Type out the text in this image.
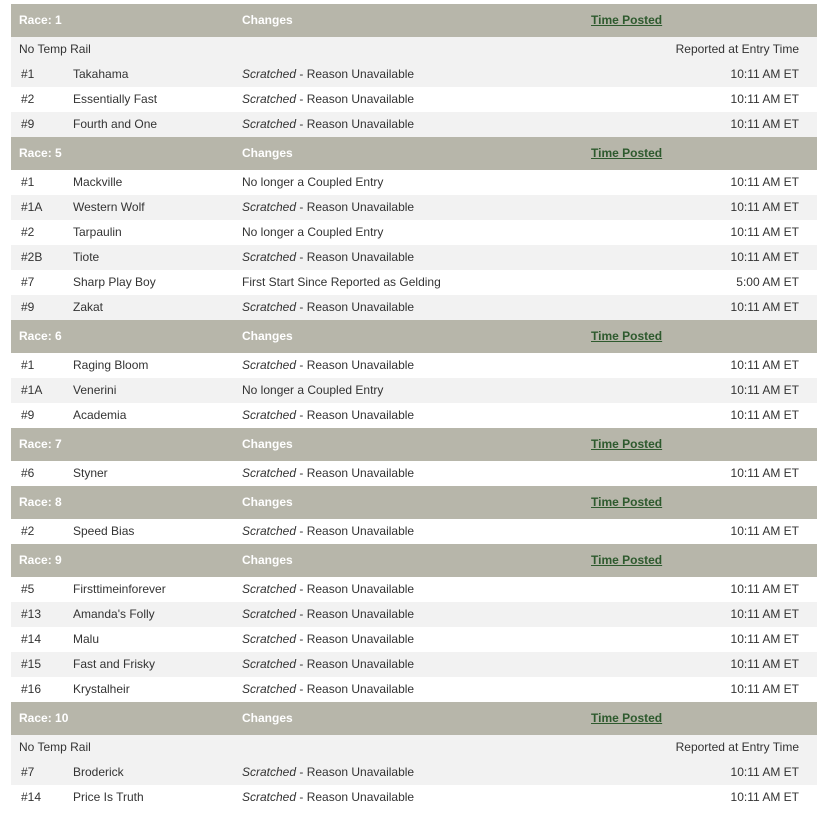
Race: 1	Changes	Time Posted
No Temp Rail	Reported at Entry Time
#1	Takahama	Scratched - Reason Unavailable	10:11 AM ET
#2	Essentially Fast	Scratched - Reason Unavailable	10:11 AM ET
#9	Fourth and One	Scratched - Reason Unavailable	10:11 AM ET
Race: 5	Changes	Time Posted
#1	Mackville	No longer a Coupled Entry	10:11 AM ET
#1A	Western Wolf	Scratched - Reason Unavailable	10:11 AM ET
#2	Tarpaulin	No longer a Coupled Entry	10:11 AM ET
#2B	Tiote	Scratched - Reason Unavailable	10:11 AM ET
#7	Sharp Play Boy	First Start Since Reported as Gelding	5:00 AM ET
#9	Zakat	Scratched - Reason Unavailable	10:11 AM ET
Race: 6	Changes	Time Posted
#1	Raging Bloom	Scratched - Reason Unavailable	10:11 AM ET
#1A	Venerini	No longer a Coupled Entry	10:11 AM ET
#9	Academia	Scratched - Reason Unavailable	10:11 AM ET
Race: 7	Changes	Time Posted
#6	Styner	Scratched - Reason Unavailable	10:11 AM ET
Race: 8	Changes	Time Posted
#2	Speed Bias	Scratched - Reason Unavailable	10:11 AM ET
Race: 9	Changes	Time Posted
#5	Firsttimeinforever	Scratched - Reason Unavailable	10:11 AM ET
#13	Amanda's Folly	Scratched - Reason Unavailable	10:11 AM ET
#14	Malu	Scratched - Reason Unavailable	10:11 AM ET
#15	Fast and Frisky	Scratched - Reason Unavailable	10:11 AM ET
#16	Krystalheir	Scratched - Reason Unavailable	10:11 AM ET
Race: 10	Changes	Time Posted
No Temp Rail	Reported at Entry Time
#7	Broderick	Scratched - Reason Unavailable	10:11 AM ET
#14	Price Is Truth	Scratched - Reason Unavailable	10:11 AM ET
